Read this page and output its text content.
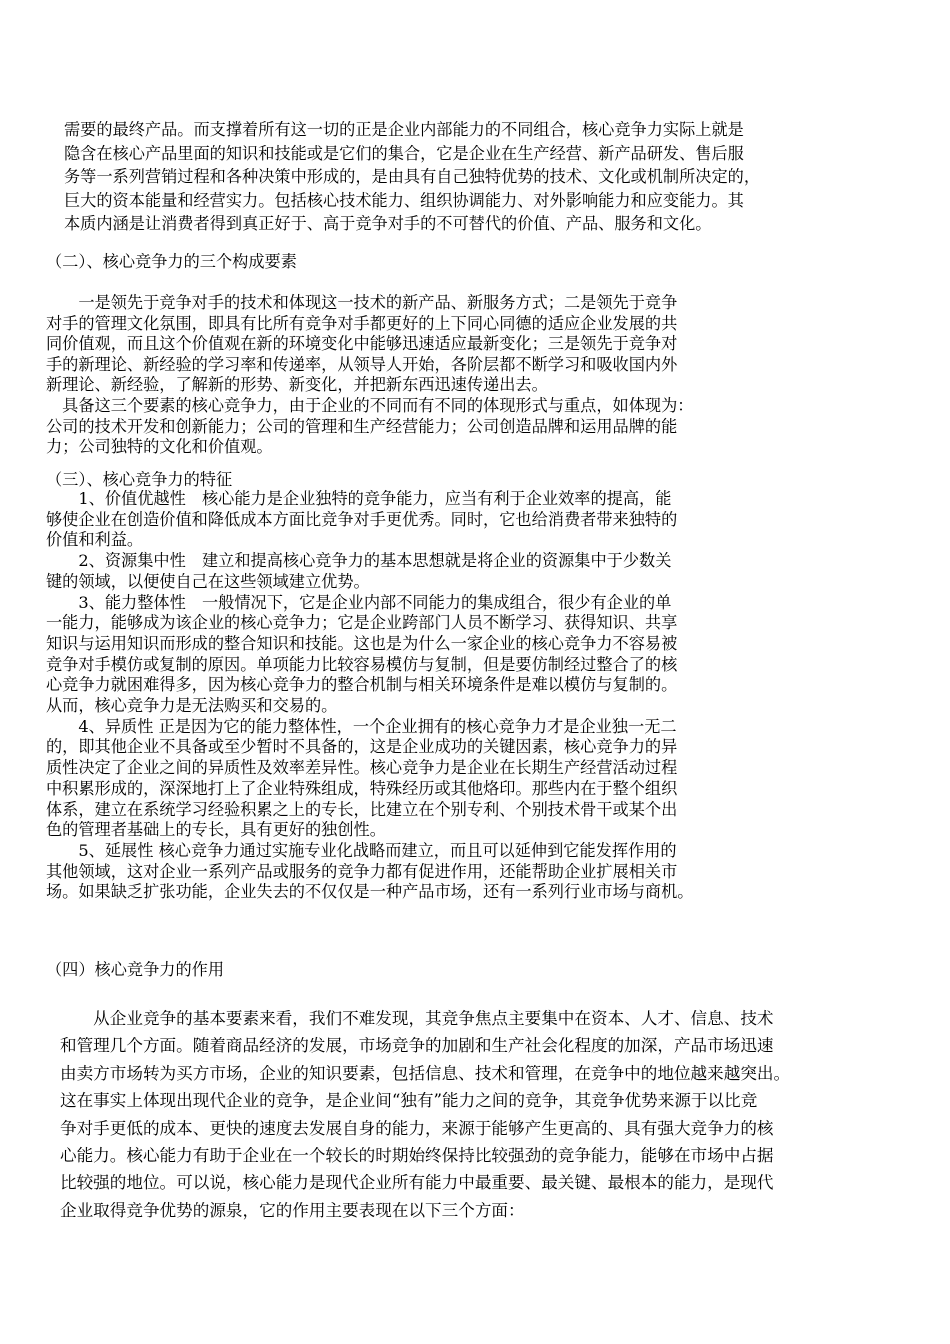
需要的最终产品。而支撑着所有这一切的正是企业内部能力的不同组合，核心竞争力实际上就是
隐含在核心产品里面的知识和技能或是它们的集合，它是企业在生产经营、新产品研发、售后服
务等一系列营销过程和各种决策中形成的，是由具有自己独特优势的技术、文化或机制所决定的，
巨大的资本能量和经营实力。包括核心技术能力、组织协调能力、对外影响能力和应变能力。其
本质内涵是让消费者得到真正好于、高于竞争对手的不可替代的价值、产品、服务和文化。
（二）、核心竞争力的三个构成要素
　　一是领先于竞争对手的技术和体现这一技术的新产品、新服务方式；二是领先于竞争
对手的管理文化氛围，即具有比所有竞争对手都更好的上下同心同德的适应企业发展的共
同价值观，而且这个价值观在新的环境变化中能够迅速适应最新变化；三是领先于竞争对
手的新理论、新经验的学习率和传递率，从领导人开始，各阶层都不断学习和吸收国内外
新理论、新经验，了解新的形势、新变化，并把新东西迅速传递出去。
　具备这三个要素的核心竞争力，由于企业的不同而有不同的体现形式与重点，如体现为：
公司的技术开发和创新能力；公司的管理和生产经营能力；公司创造品牌和运用品牌的能
力；公司独特的文化和价值观。
（三）、核心竞争力的特征
　　1、价值优越性　核心能力是企业独特的竞争能力，应当有利于企业效率的提高，能
够使企业在创造价值和降低成本方面比竞争对手更优秀。同时，它也给消费者带来独特的
价值和利益。
　　2、资源集中性　建立和提高核心竞争力的基本思想就是将企业的资源集中于少数关
键的领域，以便使自己在这些领域建立优势。
　　3、能力整体性　一般情况下，它是企业内部不同能力的集成组合，很少有企业的单
一能力，能够成为该企业的核心竞争力；它是企业跨部门人员不断学习、获得知识、共享
知识与运用知识而形成的整合知识和技能。这也是为什么一家企业的核心竞争力不容易被
竞争对手模仿或复制的原因。单项能力比较容易模仿与复制，但是要仿制经过整合了的核
心竞争力就困难得多，因为核心竞争力的整合机制与相关环境条件是难以模仿与复制的。
从而，核心竞争力是无法购买和交易的。
　　4、异质性 正是因为它的能力整体性，一个企业拥有的核心竞争力才是企业独一无二
的，即其他企业不具备或至少暂时不具备的，这是企业成功的关键因素，核心竞争力的异
质性决定了企业之间的异质性及效率差异性。核心竞争力是企业在长期生产经营活动过程
中积累形成的，深深地打上了企业特殊组成，特殊经历或其他烙印。那些内在于整个组织
体系，建立在系统学习经验积累之上的专长，比建立在个别专利、个别技术骨干或某个出
色的管理者基础上的专长，具有更好的独创性。
　　5、延展性 核心竞争力通过实施专业化战略而建立，而且可以延伸到它能发挥作用的
其他领域，这对企业一系列产品或服务的竞争力都有促进作用，还能帮助企业扩展相关市
场。如果缺乏扩张功能，企业失去的不仅仅是一种产品市场，还有一系列行业市场与商机。
（四）核心竞争力的作用
　　从企业竞争的基本要素来看，我们不难发现，其竞争焦点主要集中在资本、人才、信息、技术
和管理几个方面。随着商品经济的发展，市场竞争的加剧和生产社会化程度的加深，产品市场迅速
由卖方市场转为买方市场，企业的知识要素，包括信息、技术和管理，在竞争中的地位越来越突出。
这在事实上体现出现代企业的竞争，是企业间“独有”能力之间的竞争，其竞争优势来源于以比竞
争对手更低的成本、更快的速度去发展自身的能力，来源于能够产生更高的、具有强大竞争力的核
心能力。核心能力有助于企业在一个较长的时期始终保持比较强劲的竞争能力，能够在市场中占据
比较强的地位。可以说，核心能力是现代企业所有能力中最重要、最关键、最根本的能力，是现代
企业取得竞争优势的源泉，它的作用主要表现在以下三个方面：
